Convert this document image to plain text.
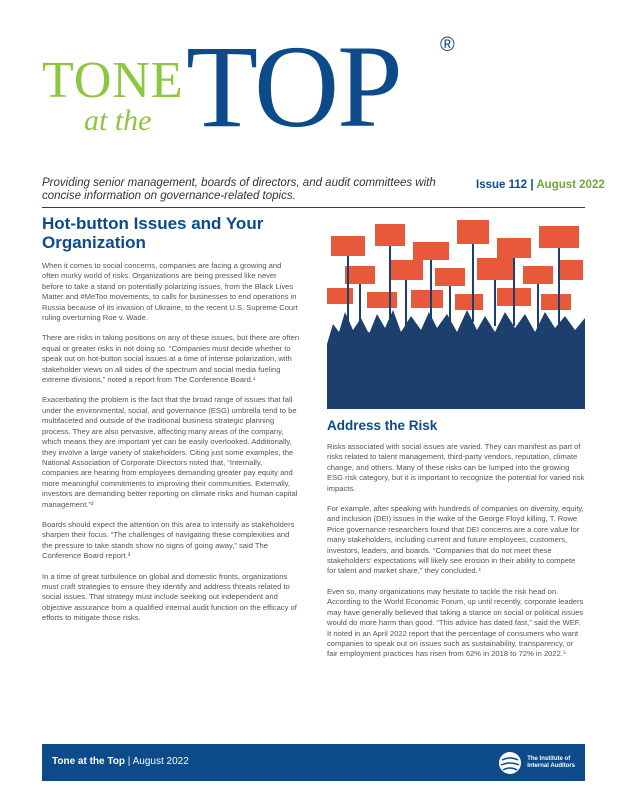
TONE
at the TOP ®
Providing senior management, boards of directors, and audit committees with concise information on governance-related topics.
Issue 112 | August 2022
Hot-button Issues and Your Organization

When it comes to social concerns, companies are facing a growing and often murky world of risks. Organizations are being pressed like never before to take a stand on potentially polarizing issues, from the Black Lives Matter and #MeToo movements, to calls for businesses to end operations in Russia because of its invasion of Ukraine, to the recent U.S. Supreme Court ruling overturning Roe v. Wade.

There are risks in taking positions on any of these issues, but there are often equal or greater risks in not doing so. “Companies must decide whether to speak out on hot-button social issues at a time of intense polarization, with stakeholder views on all sides of the spectrum and social media fueling extreme divisions,” noted a report from The Conference Board.¹

Exacerbating the problem is the fact that the broad range of issues that fall under the environmental, social, and governance (ESG) umbrella tend to be multifaceted and outside of the traditional business strategic planning process. They are also pervasive, affecting many areas of the company, which means they are important yet can be easily overlooked. Additionally, they involve a large variety of stakeholders. Citing just some examples, the National Association of Corporate Directors noted that, “Internally, companies are hearing from employees demanding greater pay equity and more meaningful commitments to improving their communities. Externally, investors are demanding better reporting on climate risks and human capital management.”²

Boards should expect the attention on this area to intensify as stakeholders sharpen their focus. “The challenges of navigating these complexities and the pressure to take stands show no signs of going away,” said The Conference Board report.³

In a time of great turbulence on global and domestic fronts, organizations must craft strategies to ensure they identify and address threats related to social issues. That strategy must include seeking out independent and objective assurance from a qualified internal audit function on the efficacy of efforts to mitigate those risks.

Address the Risk

Risks associated with social issues are varied. They can manifest as part of risks related to talent management, third-party vendors, reputation, climate change, and others. Many of these risks can be lumped into the growing ESG risk category, but it is important to recognize the potential for varied risk impacts.

For example, after speaking with hundreds of companies on diversity, equity, and inclusion (DEI) issues in the wake of the George Floyd killing, T. Rowe Price governance researchers found that DEI concerns are a core value for many stakeholders, including current and future employees, customers, investors, leaders, and boards. “Companies that do not meet these stakeholders’ expectations will likely see erosion in their ability to compete for talent and market share,” they concluded.⁴

Even so, many organizations may hesitate to tackle the risk head on. According to the World Economic Forum, up until recently, corporate leaders may have generally believed that taking a stance on social or political issues would do more harm than good. “This advice has dated fast,” said the WEF. It noted in an April 2022 report that the percentage of consumers who want companies to speak out on issues such as sustainability, transparency, or fair employment practices has risen from 62% in 2018 to 72% in 2022.⁵

Tone at the Top | August 2022	The Institute of
Internal Auditors
